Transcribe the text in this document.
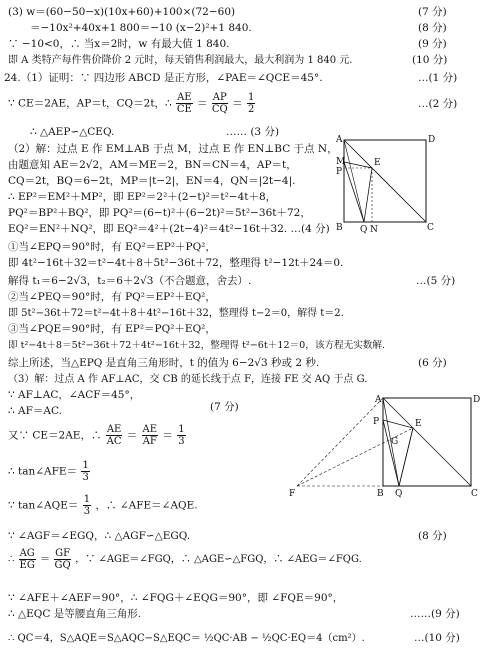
(3) w＝(60−50−x)(10x+60)+100×(72−60)	(7 分)
＝−10x²+40x+1 800＝−10 (x−2)²+1 840.	(8 分)
∵ −10<0，∴ 当x＝2时，w 有最大值 1 840.	(9 分)
即 A 类特产每件售价降价 2 元时，每天销售利润最大，最大利润为 1 840 元.	(10 分)
24.（1）证明：∵ 四边形 ABCD 是正方形，∠PAE＝∠QCE＝45°.	…(1 分)
∵ CE＝2AE，AP＝t，CQ＝2t，∴ $\frac{AE}{CE} = \frac{AP}{CQ} = \frac{1}{2}$	…(2 分)
∴ △AEP∽△CEQ.	…… (3 分)
（2）解：过点 E 作 EM⊥AB 于点 M，过点 E 作 EN⊥BC 于点 N，
由题意知 AE＝2√2，AM＝ME＝2，BN＝CN＝4，AP＝t，
CQ＝2t，BQ＝6−2t，MP＝|t−2|，EN＝4，QN＝|2t−4|.
∴ EP²＝EM²＋MP²，即 EP²＝2²＋(2−t)²＝t²−4t＋8，
PQ²＝BP²＋BQ²，即 PQ²＝(6−t)²＋(6−2t)²＝5t²−36t＋72，
EQ²＝EN²＋NQ²，即 EQ²＝4²＋(2t−4)²＝4t²−16t＋32. …(4 分)
A	D
M
P
E
B Q N	C
①当∠EPQ＝90°时，有 EQ²＝EP²＋PQ²，
即 4t²−16t＋32＝t²−4t＋8＋5t²−36t＋72，整理得 t²−12t＋24＝0.
解得 t₁＝6−2√3，t₂＝6＋2√3（不合题意，舍去）.	…(5 分)
②当∠PEQ＝90°时，有 PQ²＝EP²＋EQ²，
即 5t²−36t＋72＝t²−4t＋8＋4t²−16t＋32，整理得 t−2＝0，解得 t＝2.
③当∠PQE＝90°时，有 EP²＝PQ²＋EQ²，
即 t²−4t＋8＝5t²−36t＋72＋4t²−16t＋32，整理得 t²−6t＋12＝0，该方程无实数解.
综上所述，当△EPQ 是直角三角形时，t 的值为 6−2√3 秒或 2 秒.	(6 分)
（3）解：过点 A 作 AF⊥AC，交 CB 的延长线于点 F，连接 FE 交 AQ 于点 G.
∵ AF⊥AC，∠ACF＝45°，
∴ AF＝AC.	(7 分)
又∵ CE＝2AE，∴ $\frac{AE}{AC} = \frac{AE}{AF} = \frac{1}{3}$
∴ tan∠AFE＝ $\frac{1}{3}$
∵ tan∠AQE＝ $\frac{1}{3}$ ，∴ ∠AFE＝∠AQE.
A	D
P	E
G
F	B Q	C
∵ ∠AGF＝∠EGQ，∴ △AGF∽△EGQ.	(8 分)
∴ $\frac{AG}{EG} = \frac{GF}{GQ}$ ，∵ ∠AGE＝∠FGQ，∴ △AGE∽△FGQ，∴ ∠AEG＝∠FQG.
∵ ∠AFE＋∠AEF＝90°，∴ ∠FQG＋∠EQG＝90°，即 ∠FQE＝90°，
∴ △EQC 是等腰直角三角形.	……(9 分)
∴ QC＝4，S△AQE＝S△AQC−S△EQC＝ ½QC·AB − ½QC·EQ＝4（cm²）.	…(10 分)
